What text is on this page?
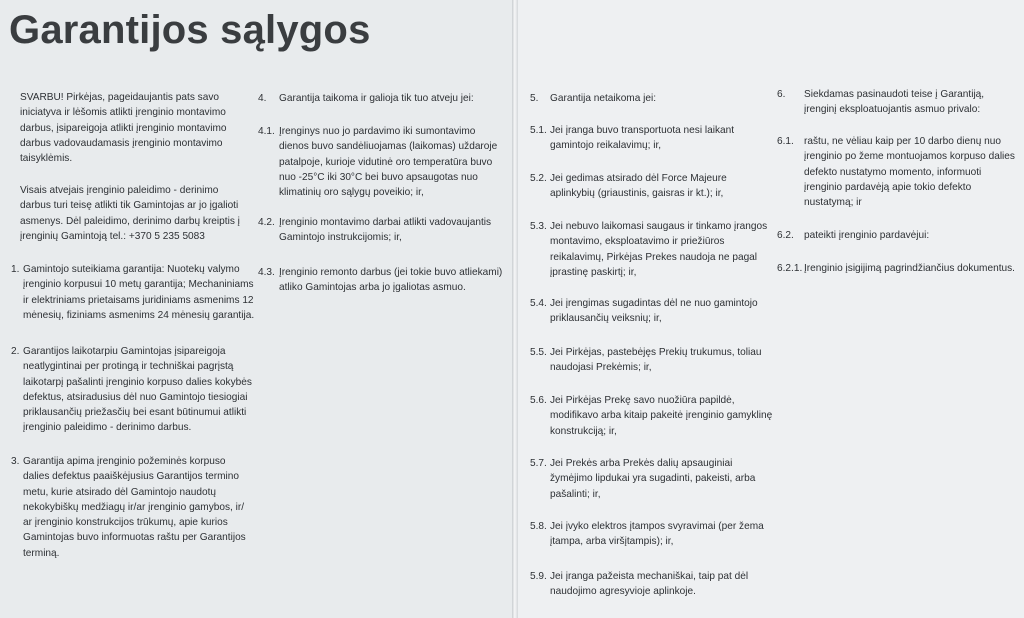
Garantijos sąlygos
SVARBU! Pirkėjas, pageidaujantis pats savo
iniciatyva ir lėšomis atlikti įrenginio montavimo
darbus, įsipareigoja atlikti įrenginio montavimo
darbus vadovaudamasis įrenginio montavimo
taisyklėmis.
Visais atvejais įrenginio paleidimo - derinimo
darbus turi teisę atlikti tik Gamintojas ar jo įgalioti
asmenys. Dėl paleidimo, derinimo darbų kreiptis į
įrenginių Gamintoją tel.: +370 5 235 5083
1. Gamintojo suteikiama garantija: Nuotekų valymo
įrenginio korpusui 10 metų garantija; Mechaniniams
ir elektriniams prietaisams juridiniams asmenims 12
mėnesių, fiziniams asmenims 24 mėnesių garantija.
2. Garantijos laikotarpiu Gamintojas įsipareigoja
neatlygintinai per protingą ir techniškai pagrįstą
laikotarpį pašalinti įrenginio korpuso dalies kokybės
defektus, atsiradusius dėl nuo Gamintojo tiesiogiai
priklausančių priežasčių bei esant būtinumui atlikti
įrenginio paleidimo - derinimo darbus.
3. Garantija apima įrenginio požeminės korpuso
dalies defektus paaiškėjusius Garantijos termino
metu, kurie atsirado dėl Gamintojo naudotų
nekokybiškų medžiagų ir/ar įrenginio gamybos, ir/
ar įrenginio konstrukcijos trūkumų, apie kurios
Gamintojas buvo informuotas raštu per Garantijos
terminą.
4. Garantija taikoma ir galioja tik tuo atveju jei:
4.1. Įrenginys nuo jo pardavimo iki sumontavimo
dienos buvo sandėliuojamas (laikomas) uždaroje
patalpoje, kurioje vidutinė oro temperatūra buvo
nuo -25°C iki 30°C bei buvo apsaugotas nuo
klimatinių oro sąlygų poveikio; ir,
4.2. Įrenginio montavimo darbai atlikti vadovaujantis
Gamintojo instrukcijomis; ir,
4.3. Įrenginio remonto darbus (jei tokie buvo atliekami)
atliko Gamintojas arba jo įgaliotas asmuo.
5. Garantija netaikoma jei:
5.1. Jei įranga buvo transportuota nesi laikant
gamintojo reikalavimų; ir,
5.2. Jei gedimas atsirado dėl Force Majeure
aplinkybių (griaustinis, gaisras ir kt.); ir,
5.3. Jei nebuvo laikomasi saugaus ir tinkamo įrangos
montavimo, eksploatavimo ir priežiūros
reikalavimų, Pirkėjas Prekes naudoja ne pagal
įprastinę paskirtį; ir,
5.4. Jei įrengimas sugadintas dėl ne nuo gamintojo
priklausančių veiksnių; ir,
5.5. Jei Pirkėjas, pastebėjęs Prekių trukumus, toliau
naudojasi Prekėmis; ir,
5.6. Jei Pirkėjas Prekę savo nuožiūra papildė,
modifikavo arba kitaip pakeitė įrenginio gamyklinę
konstrukciją; ir,
5.7. Jei Prekės arba Prekės dalių apsauginiai
žymėjimo lipdukai yra sugadinti, pakeisti, arba
pašalinti; ir,
5.8. Jei įvyko elektros įtampos svyravimai (per žema
įtampa, arba viršįtampis); ir,
5.9. Jei įranga pažeista mechaniškai, taip pat dėl
naudojimo agresyvioje aplinkoje.
6. Siekdamas pasinaudoti teise į Garantiją,
įrenginį eksploatuojantis asmuo privalo:
6.1. raštu, ne vėliau kaip per 10 darbo dienų nuo
įrenginio po žeme montuojamos korpuso dalies
defekto nustatymo momento, informuoti
įrenginio pardavėją apie tokio defekto
nustatymą; ir
6.2. pateikti įrenginio pardavėjui:
6.2.1. Įrenginio įsigijimą pagrindžiančius dokumentus.
